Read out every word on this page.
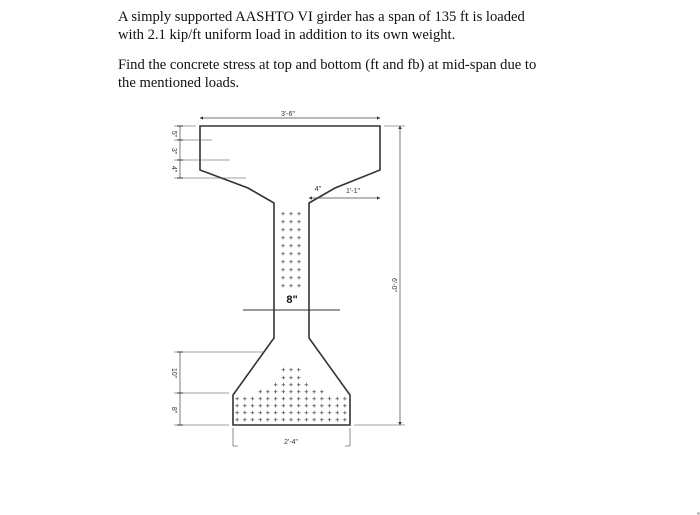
A simply supported AASHTO VI girder has a span of 135 ft is loaded
with 2.1 kip/ft uniform load in addition to its own weight.

Find the concrete stress at top and bottom (ft and fb) at mid-span due to
the mentioned loads.

3'-6"
6'-0"
1'-1"
4"
5"
3"
4"
10"
8"
8"
2'-4"
+ + +
+ + +
+ + +
+ + +
+ + +
+ + +
+ + +
+ + +
+ + +
+ + +
+ + +
+ + +
+ + + + +
+ + + + + + + + +
+ + + + + + + + + + + + + + +
+ + + + + + + + + + + + + + +
+ + + + + + + + + + + + + + +
+ + + + + + + + + + + + + + +
